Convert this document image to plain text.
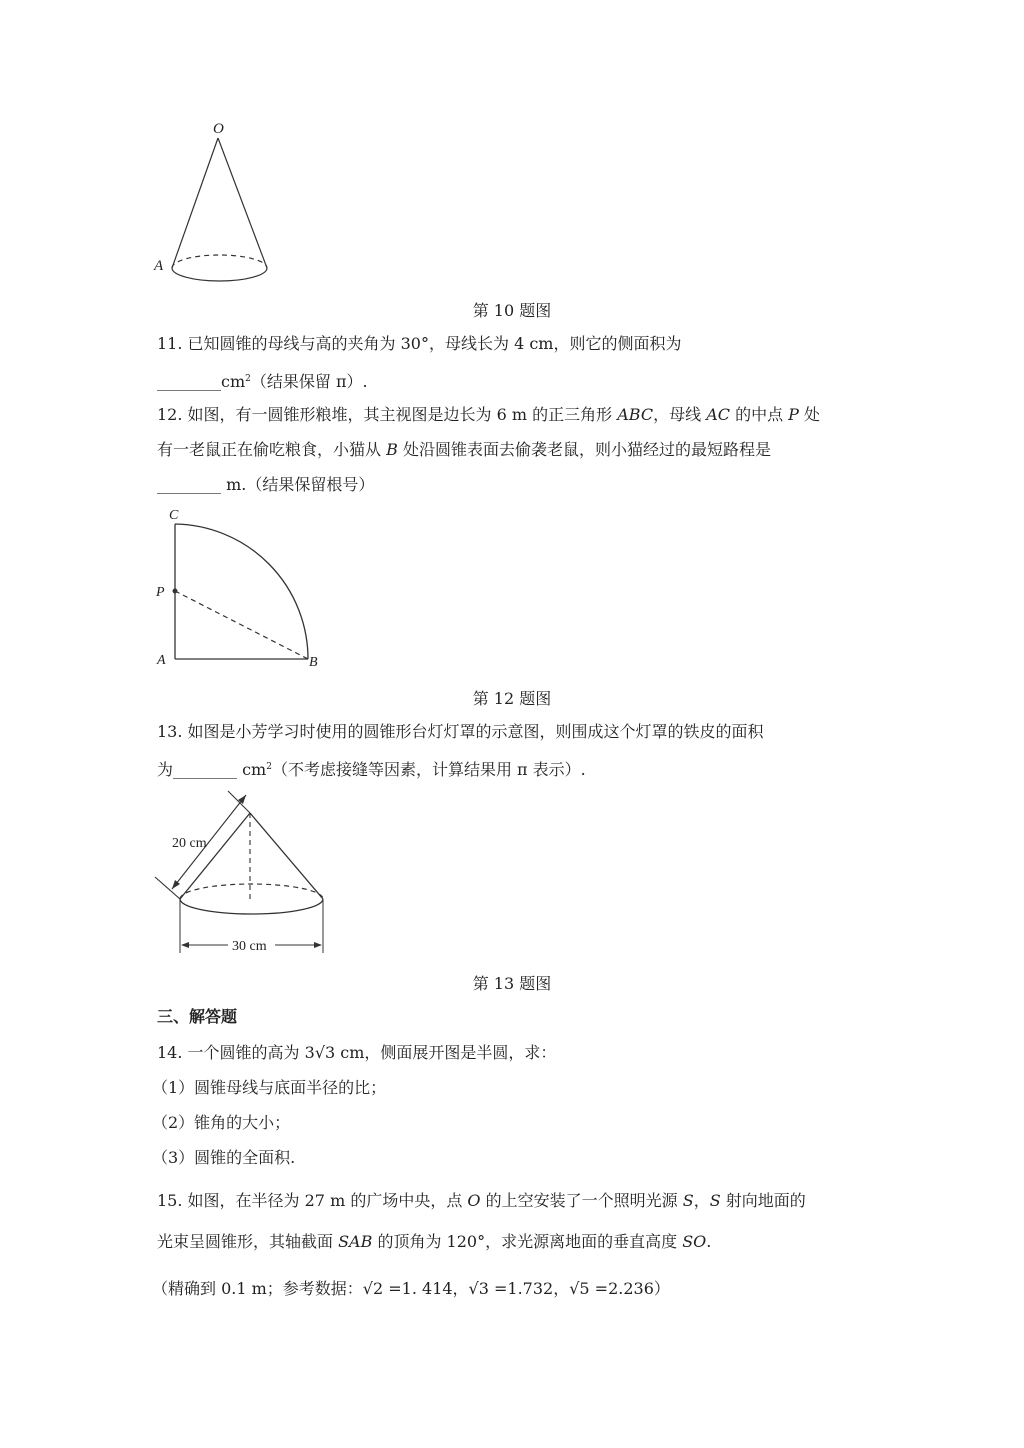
O
A
第 10 题图
11. 已知圆锥的母线与高的夹角为 30°，母线长为 4 cm，则它的侧面积为
$\_\_\_\_\_\_\_\_cm^2$（结果保留 π）.
12. 如图，有一圆锥形粮堆，其主视图是边长为 6 m 的正三角形 ABC，母线 AC 的中点 P 处
有一老鼠正在偷吃粮食，小猫从 B 处沿圆锥表面去偷袭老鼠，则小猫经过的最短路程是
________ m.（结果保留根号）
C
P
A	B
第 12 题图
13. 如图是小芳学习时使用的圆锥形台灯灯罩的示意图，则围成这个灯罩的铁皮的面积
为________ $cm^2$（不考虑接缝等因素，计算结果用 π 表示）.
20 cm
30 cm
第 13 题图
三、解答题
14. 一个圆锥的高为 3√3 cm，侧面展开图是半圆，求：
（1）圆锥母线与底面半径的比；
（2）锥角的大小；
（3）圆锥的全面积.
15. 如图，在半径为 27 m 的广场中央，点 O 的上空安装了一个照明光源 S，S 射向地面的
光束呈圆锥形，其轴截面 SAB 的顶角为 120°，求光源离地面的垂直高度 SO.
（精确到 0.1 m；参考数据：√2 =1. 414，√3 =1.732，√5 =2.236）
